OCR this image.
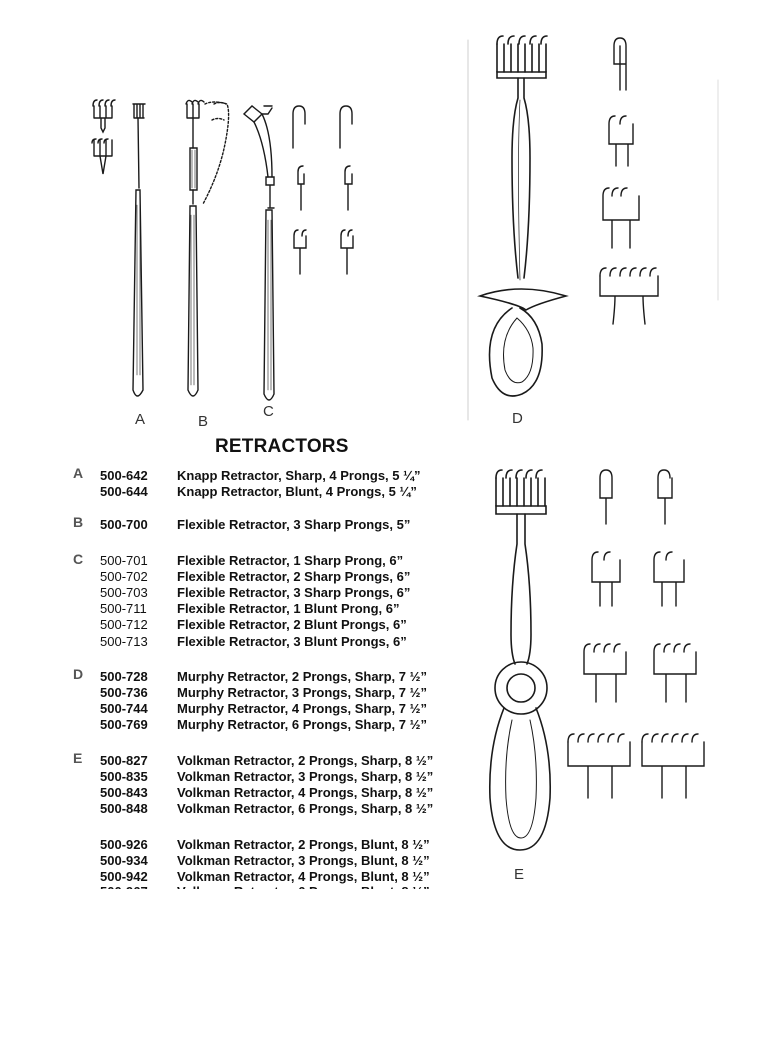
A	B
C	D
E
RETRACTORS
A 500-642	Knapp Retractor, Sharp, 4 Prongs, 5 ¼”
500-644	Knapp Retractor, Blunt, 4 Prongs, 5 ¼”
B 500-700	Flexible Retractor, 3 Sharp Prongs, 5”
C 500-701	Flexible Retractor, 1 Sharp Prong, 6”
500-702	Flexible Retractor, 2 Sharp Prongs, 6”
500-703	Flexible Retractor, 3 Sharp Prongs, 6”
500-711	Flexible Retractor, 1 Blunt Prong, 6”
500-712	Flexible Retractor, 2 Blunt Prongs, 6”
500-713	Flexible Retractor, 3 Blunt Prongs, 6”
D 500-728	Murphy Retractor, 2 Prongs, Sharp, 7 ½”
500-736	Murphy Retractor, 3 Prongs, Sharp, 7 ½”
500-744	Murphy Retractor, 4 Prongs, Sharp, 7 ½”
500-769	Murphy Retractor, 6 Prongs, Sharp, 7 ½”
E 500-827	Volkman Retractor, 2 Prongs, Sharp, 8 ½”
500-835	Volkman Retractor, 3 Prongs, Sharp, 8 ½”
500-843	Volkman Retractor, 4 Prongs, Sharp, 8 ½”
500-848	Volkman Retractor, 6 Prongs, Sharp, 8 ½”
500-926	Volkman Retractor, 2 Prongs, Blunt, 8 ½”
500-934	Volkman Retractor, 3 Prongs, Blunt, 8 ½”
500-942	Volkman Retractor, 4 Prongs, Blunt, 8 ½”
